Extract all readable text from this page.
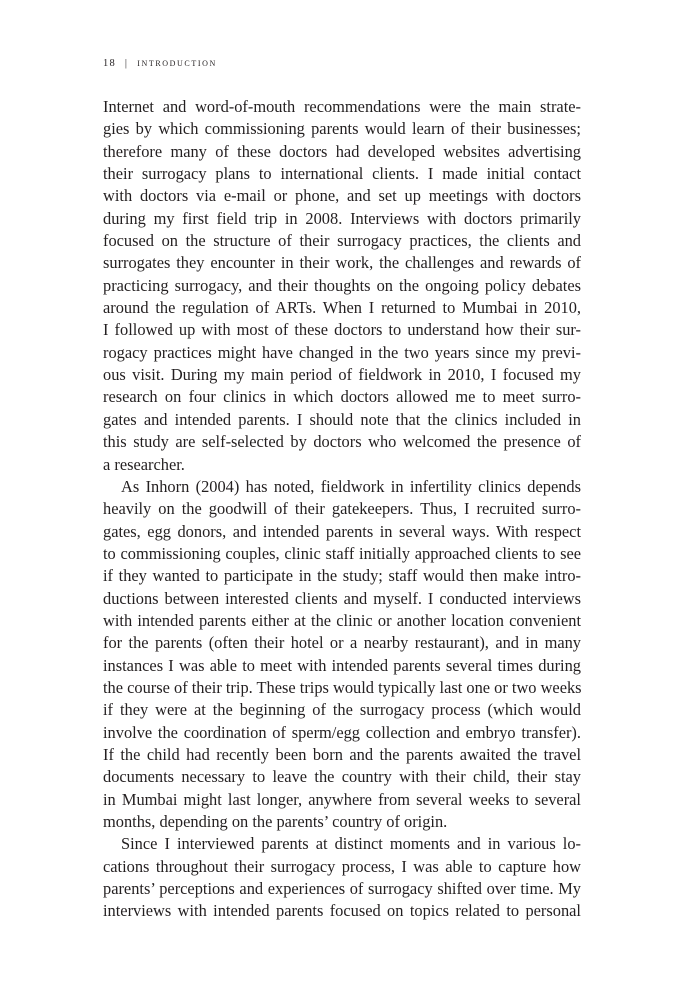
18 | introduction
Internet and word-of-mouth recommendations were the main strate-
gies by which commissioning parents would learn of their businesses;
therefore many of these doctors had developed websites advertising
their surrogacy plans to international clients. I made initial contact
with doctors via e-mail or phone, and set up meetings with doctors
during my first field trip in 2008. Interviews with doctors primarily
focused on the structure of their surrogacy practices, the clients and
surrogates they encounter in their work, the challenges and rewards of
practicing surrogacy, and their thoughts on the ongoing policy debates
around the regulation of ARTs. When I returned to Mumbai in 2010,
I followed up with most of these doctors to understand how their sur-
rogacy practices might have changed in the two years since my previ-
ous visit. During my main period of fieldwork in 2010, I focused my
research on four clinics in which doctors allowed me to meet surro-
gates and intended parents. I should note that the clinics included in
this study are self-selected by doctors who welcomed the presence of
a researcher.
As Inhorn (2004) has noted, fieldwork in infertility clinics depends
heavily on the goodwill of their gatekeepers. Thus, I recruited surro-
gates, egg donors, and intended parents in several ways. With respect
to commissioning couples, clinic staff initially approached clients to see
if they wanted to participate in the study; staff would then make intro-
ductions between interested clients and myself. I conducted interviews
with intended parents either at the clinic or another location convenient
for the parents (often their hotel or a nearby restaurant), and in many
instances I was able to meet with intended parents several times during
the course of their trip. These trips would typically last one or two weeks
if they were at the beginning of the surrogacy process (which would
involve the coordination of sperm/egg collection and embryo transfer).
If the child had recently been born and the parents awaited the travel
documents necessary to leave the country with their child, their stay
in Mumbai might last longer, anywhere from several weeks to several
months, depending on the parents’ country of origin.
Since I interviewed parents at distinct moments and in various lo-
cations throughout their surrogacy process, I was able to capture how
parents’ perceptions and experiences of surrogacy shifted over time. My
interviews with intended parents focused on topics related to personal
